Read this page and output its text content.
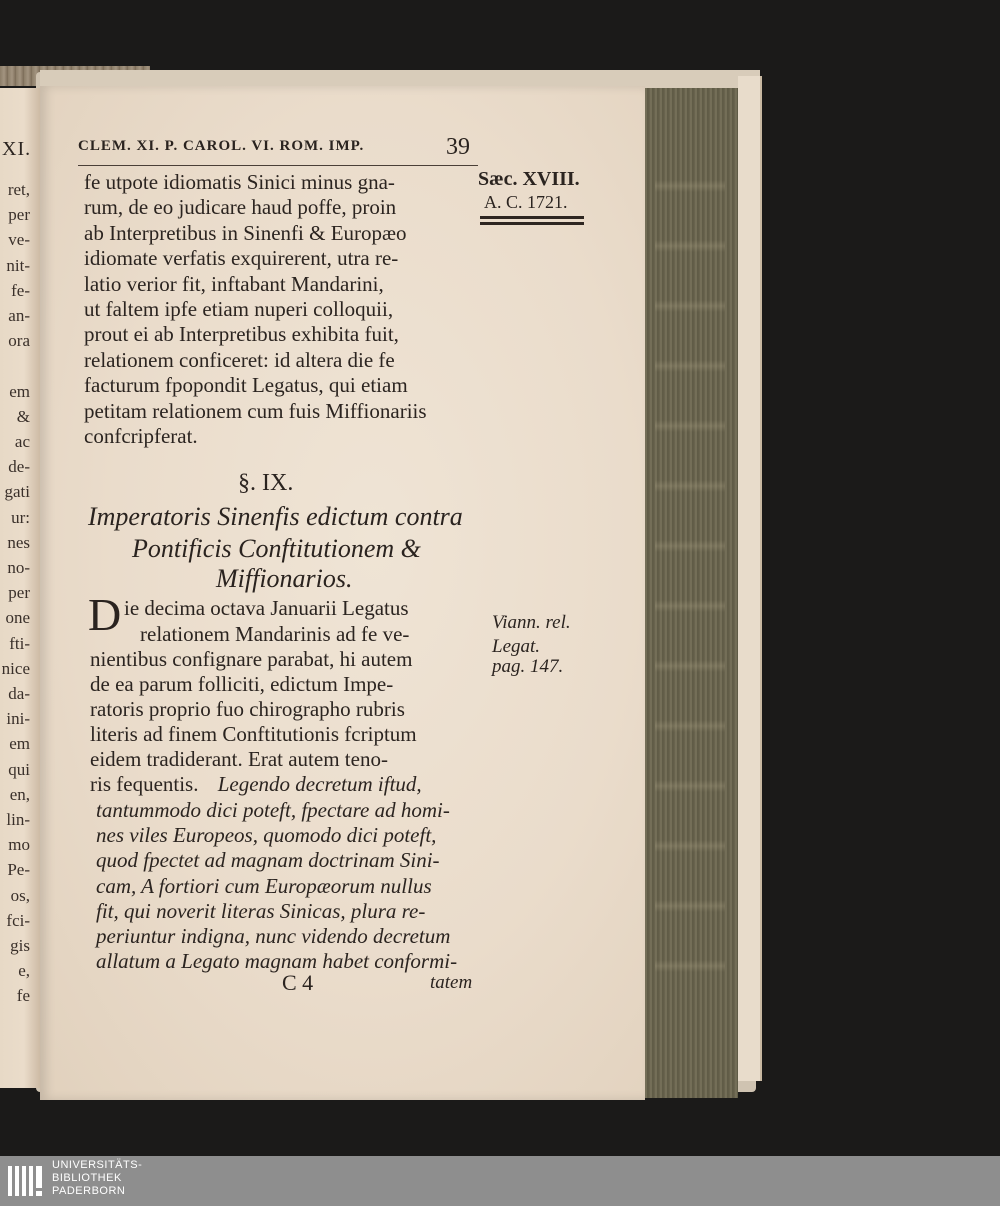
XI.
ret,
per
ve-
nit-
fe-
an-
ora
em
&
ac
de-
gati
ur:
nes
no-
per
one
fti-
nice
da-
ini-
em
qui
en,
lin-
mo
Pe-
os,
fci-
gis
e,
fe
CLEM. XI. P. CAROL. VI. ROM. IMP.	39
Sæc. XVIII.
A. C. 1721.
fe utpote idiomatis Sinici minus gna-
rum, de eo judicare haud poffe, proin
ab Interpretibus in Sinenfi & Europæo
idiomate verfatis exquirerent, utra re-
latio verior fit, inftabant Mandarini,
ut faltem ipfe etiam nuperi colloquii,
prout ei ab Interpretibus exhibita fuit,
relationem conficeret: id altera die fe
facturum fpopondit Legatus, qui etiam
petitam relationem cum fuis Miffionariis
confcripferat.
§. IX.
Imperatoris Sinenfis edictum contra
Pontificis Conftitutionem &
Miffionarios.
D ie decima octava Januarii Legatus
relationem Mandarinis ad fe ve-
nientibus confignare parabat, hi autem
de ea parum folliciti, edictum Impe-
ratoris proprio fuo chirographo rubris
literis ad finem Conftitutionis fcriptum
eidem tradiderant. Erat autem teno-
ris fequentis. Legendo decretum iftud,
tantummodo dici poteft, fpectare ad homi-
nes viles Europeos, quomodo dici poteft,
quod fpectet ad magnam doctrinam Sini-
cam, A fortiori cum Europæorum nullus
fit, qui noverit literas Sinicas, plura re-
periuntur indigna, nunc videndo decretum
allatum a Legato magnam habet conformi-
Viann. rel.
Legat.
pag. 147.
C 4	tatem
UNIVERSITÄTS-
BIBLIOTHEK
PADERBORN
